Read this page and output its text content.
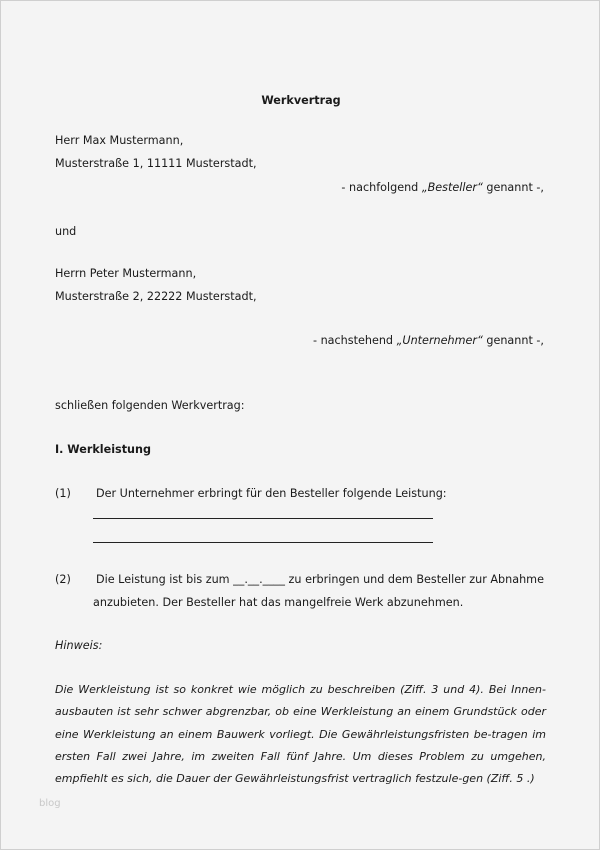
Werkvertrag
Herr Max Mustermann,
Musterstraße 1, 11111 Musterstadt,
- nachfolgend „Besteller“ genannt -,
und
Herrn Peter Mustermann,
Musterstraße 2, 22222 Musterstadt,
- nachstehend „Unternehmer“ genannt -,
schließen folgenden Werkvertrag:
I. Werkleistung
(1) Der Unternehmer erbringt für den Besteller folgende Leistung:
(2) Die Leistung ist bis zum __.__.____ zu erbringen und dem Besteller zur Abnahme
anzubieten. Der Besteller hat das mangelfreie Werk abzunehmen.
Hinweis:
Die Werkleistung ist so konkret wie möglich zu beschreiben (Ziff. 3 und 4). Bei Innen-ausbauten ist sehr schwer abgrenzbar, ob eine Werkleistung an einem Grundstück oder eine Werkleistung an einem Bauwerk vorliegt. Die Gewährleistungsfristen be-tragen im ersten Fall zwei Jahre, im zweiten Fall fünf Jahre. Um dieses Problem zu umgehen, empfiehlt es sich, die Dauer der Gewährleistungsfrist vertraglich festzule-gen (Ziff. 5 .)
blog
